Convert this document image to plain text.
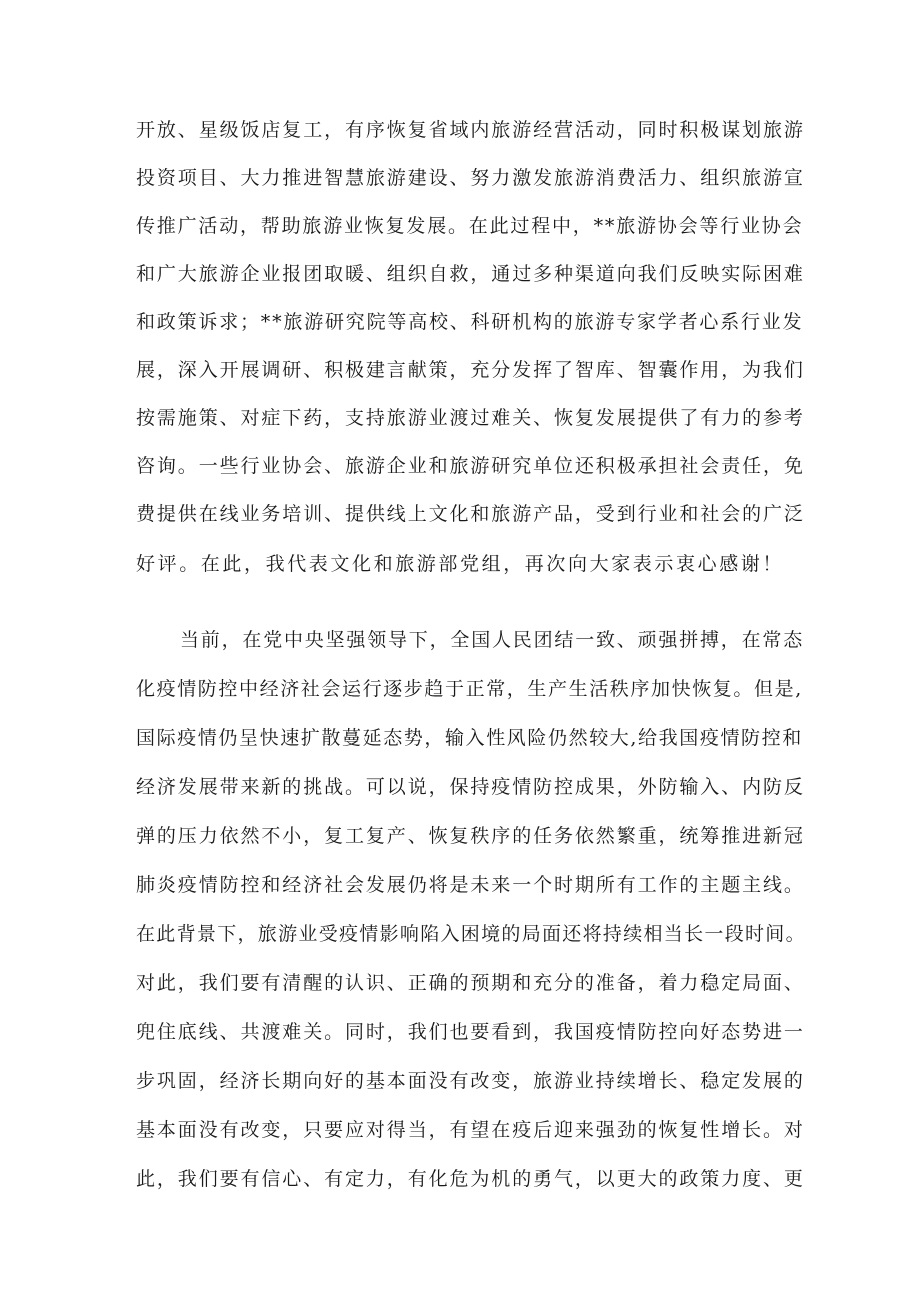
开放、星级饭店复工，有序恢复省域内旅游经营活动，同时积极谋划旅游
投资项目、大力推进智慧旅游建设、努力激发旅游消费活力、组织旅游宣
传推广活动，帮助旅游业恢复发展。在此过程中，**旅游协会等行业协会
和广大旅游企业报团取暖、组织自救，通过多种渠道向我们反映实际困难
和政策诉求；**旅游研究院等高校、科研机构的旅游专家学者心系行业发
展，深入开展调研、积极建言献策，充分发挥了智库、智囊作用，为我们
按需施策、对症下药，支持旅游业渡过难关、恢复发展提供了有力的参考
咨询。一些行业协会、旅游企业和旅游研究单位还积极承担社会责任，免
费提供在线业务培训、提供线上文化和旅游产品，受到行业和社会的广泛
好评。在此，我代表文化和旅游部党组，再次向大家表示衷心感谢！
当前，在党中央坚强领导下，全国人民团结一致、顽强拼搏，在常态
化疫情防控中经济社会运行逐步趋于正常，生产生活秩序加快恢复。但是,
国际疫情仍呈快速扩散蔓延态势，输入性风险仍然较大,给我国疫情防控和
经济发展带来新的挑战。可以说，保持疫情防控成果，外防输入、内防反
弹的压力依然不小，复工复产、恢复秩序的任务依然繁重，统筹推进新冠
肺炎疫情防控和经济社会发展仍将是未来一个时期所有工作的主题主线。
在此背景下，旅游业受疫情影响陷入困境的局面还将持续相当长一段时间。
对此，我们要有清醒的认识、正确的预期和充分的准备，着力稳定局面、
兜住底线、共渡难关。同时，我们也要看到，我国疫情防控向好态势进一
步巩固，经济长期向好的基本面没有改变，旅游业持续增长、稳定发展的
基本面没有改变，只要应对得当，有望在疫后迎来强劲的恢复性增长。对
此，我们要有信心、有定力，有化危为机的勇气，以更大的政策力度、更
